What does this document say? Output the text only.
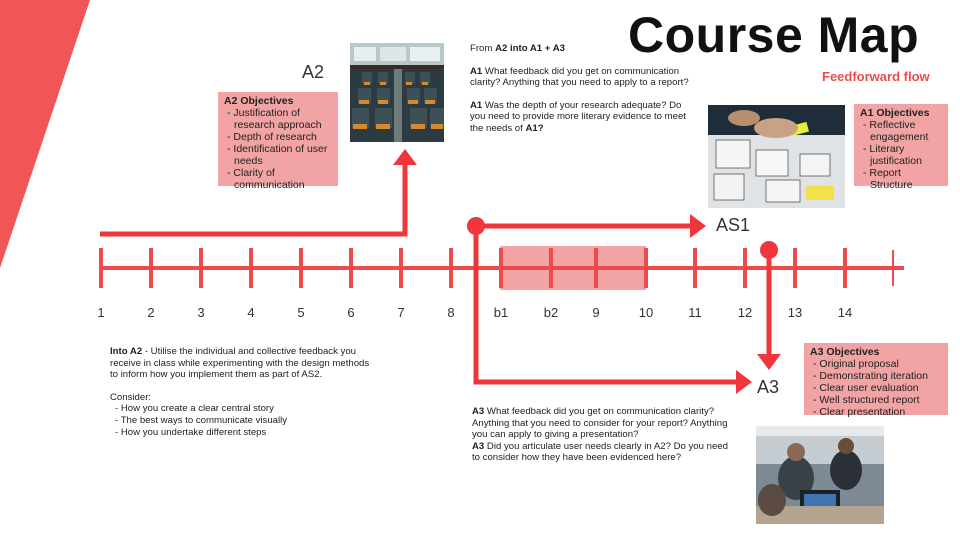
Course Map
Feedforward flow
A2
AS1
A3
1	2	3	4	5	6	7	8	b1	b2	9	10	11	12	13	14
A2 Objectives
- Justification of research approach
- Depth of research
- Identification of user needs
- Clarity of communication
A1 Objectives
- Reflective engagement
- Literary justification
- Report Structure
A3 Objectives
- Original proposal
- Demonstrating iteration
- Clear user evaluation
- Well structured report
- Clear presentation

From A2 into A1 + A3

A1 What feedback did you get on communication clarity? Anything that you need to apply to a report?

A1 Was the depth of your research adequate? Do you need to provide more literary evidence to meet the needs of A1?

Into A2 - Utilise the individual and collective feedback you receive in class while experimenting with the design methods to inform how you implement them as part of AS2.

Consider:
- How you create a clear central story
- The best ways to communicate visually
- How you undertake different steps
A3 What feedback did you get on communication clarity? Anything that you need to consider for your report? Anything you can apply to giving a presentation?
A3 Did you articulate user needs clearly in A2? Do you need to consider how they have been evidenced here?
